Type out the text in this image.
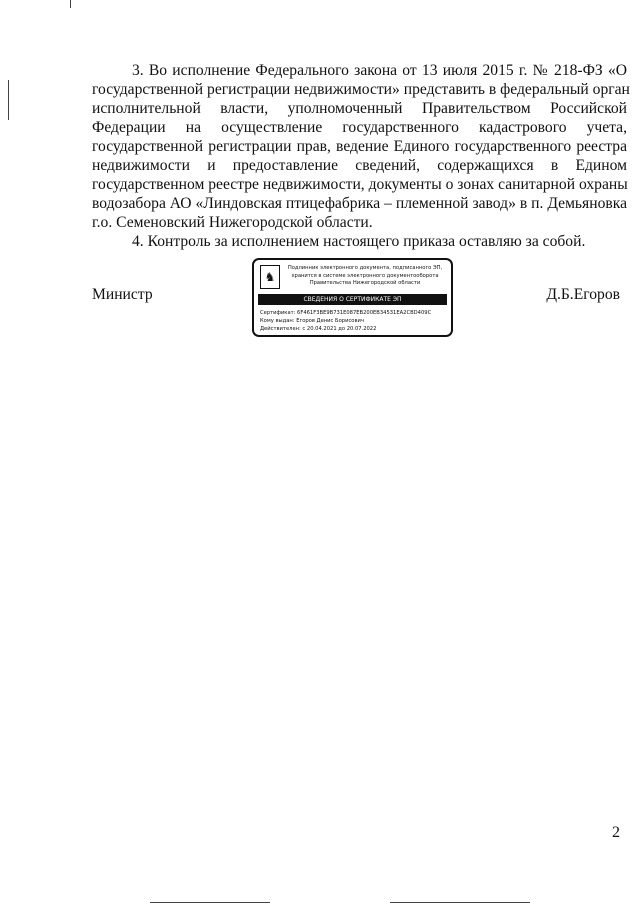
3. Во исполнение Федерального закона от 13 июля 2015 г. № 218-ФЗ «О
государственной регистрации недвижимости» представить в федеральный орган
исполнительной власти, уполномоченный Правительством Российской
Федерации на осуществление государственного кадастрового учета,
государственной регистрации прав, ведение Единого государственного реестра
недвижимости и предоставление сведений, содержащихся в Едином
государственном реестре недвижимости, документы о зонах санитарной охраны
водозабора АО «Линдовская птицефабрика – племенной завод» в п. Демьяновка
г.о. Семеновский Нижегородской области.
4. Контроль за исполнением настоящего приказа оставляю за собой.
Министр	Д.Б.Егоров
♞
Подлинник электронного документа, подписанного ЭП, хранится в системе электронного документооборота Правительства Нижегородской области
СВЕДЕНИЯ О СЕРТИФИКАТЕ ЭП
Сертификат: 6F461F3BE9B731E087EB200EB34531EA2CBD409C
Кому выдан: Егоров Денис Борисович
Действителен: с 20.04.2021 до 20.07.2022
2
